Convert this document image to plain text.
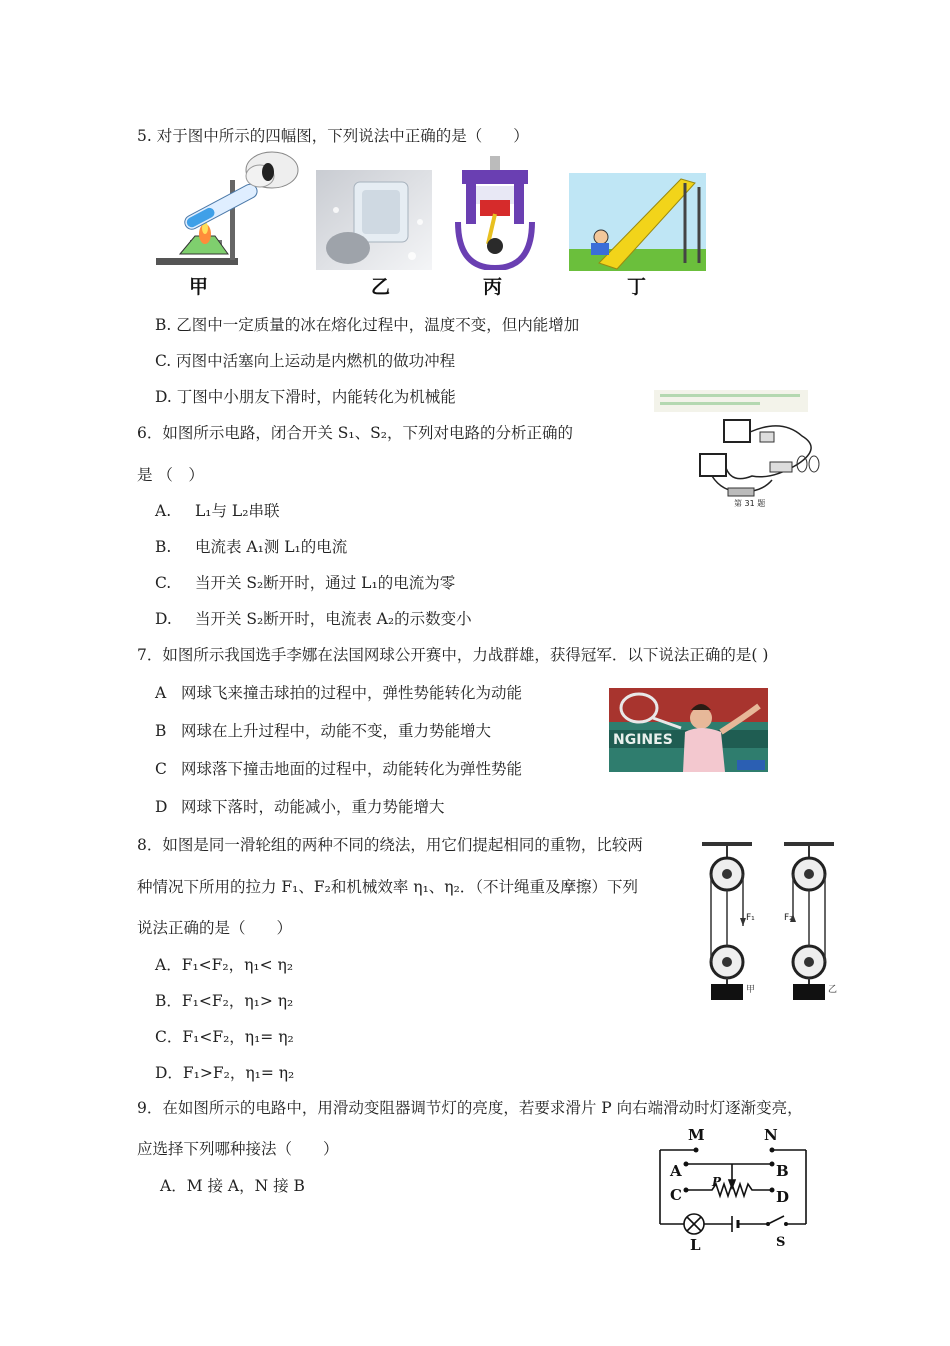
5. 对于图中所示的四幅图，下列说法中正确的是（　　）
甲	乙	丙	丁
B. 乙图中一定质量的冰在熔化过程中，温度不变，但内能增加
C. 丙图中活塞向上运动是内燃机的做功冲程
D. 丁图中小朋友下滑时，内能转化为机械能
6．如图所示电路，闭合开关 S₁、S₂，下列对电路的分析正确的
是 （　）
第 31 题
A. L₁与 L₂串联
B. 电流表 A₁测 L₁的电流
C. 当开关 S₂断开时，通过 L₁的电流为零
D. 当开关 S₂断开时，电流表 A₂的示数变小
7．如图所示我国选手李娜在法国网球公开赛中，力战群雄，获得冠军．以下说法正确的是( )
A 网球飞来撞击球拍的过程中，弹性势能转化为动能
B 网球在上升过程中，动能不变，重力势能增大
C 网球落下撞击地面的过程中，动能转化为弹性势能
D 网球下落时，动能减小，重力势能增大
NGINES
8．如图是同一滑轮组的两种不同的绕法，用它们提起相同的重物，比较两
种情况下所用的拉力 F₁、F₂和机械效率 η₁、η₂．（不计绳重及摩擦）下列
说法正确的是（　　）
A．F₁<F₂，η₁< η₂
B．F₁<F₂，η₁> η₂
C．F₁<F₂，η₁= η₂
D．F₁>F₂，η₁= η₂
F₁
甲
F₂
乙
9．在如图所示的电路中，用滑动变阻器调节灯的亮度，若要求滑片 P 向右端滑动时灯逐渐变亮，
应选择下列哪种接法（　　）
A．M 接 A，N 接 B
M	N
A
C
B
D
P
L	S
